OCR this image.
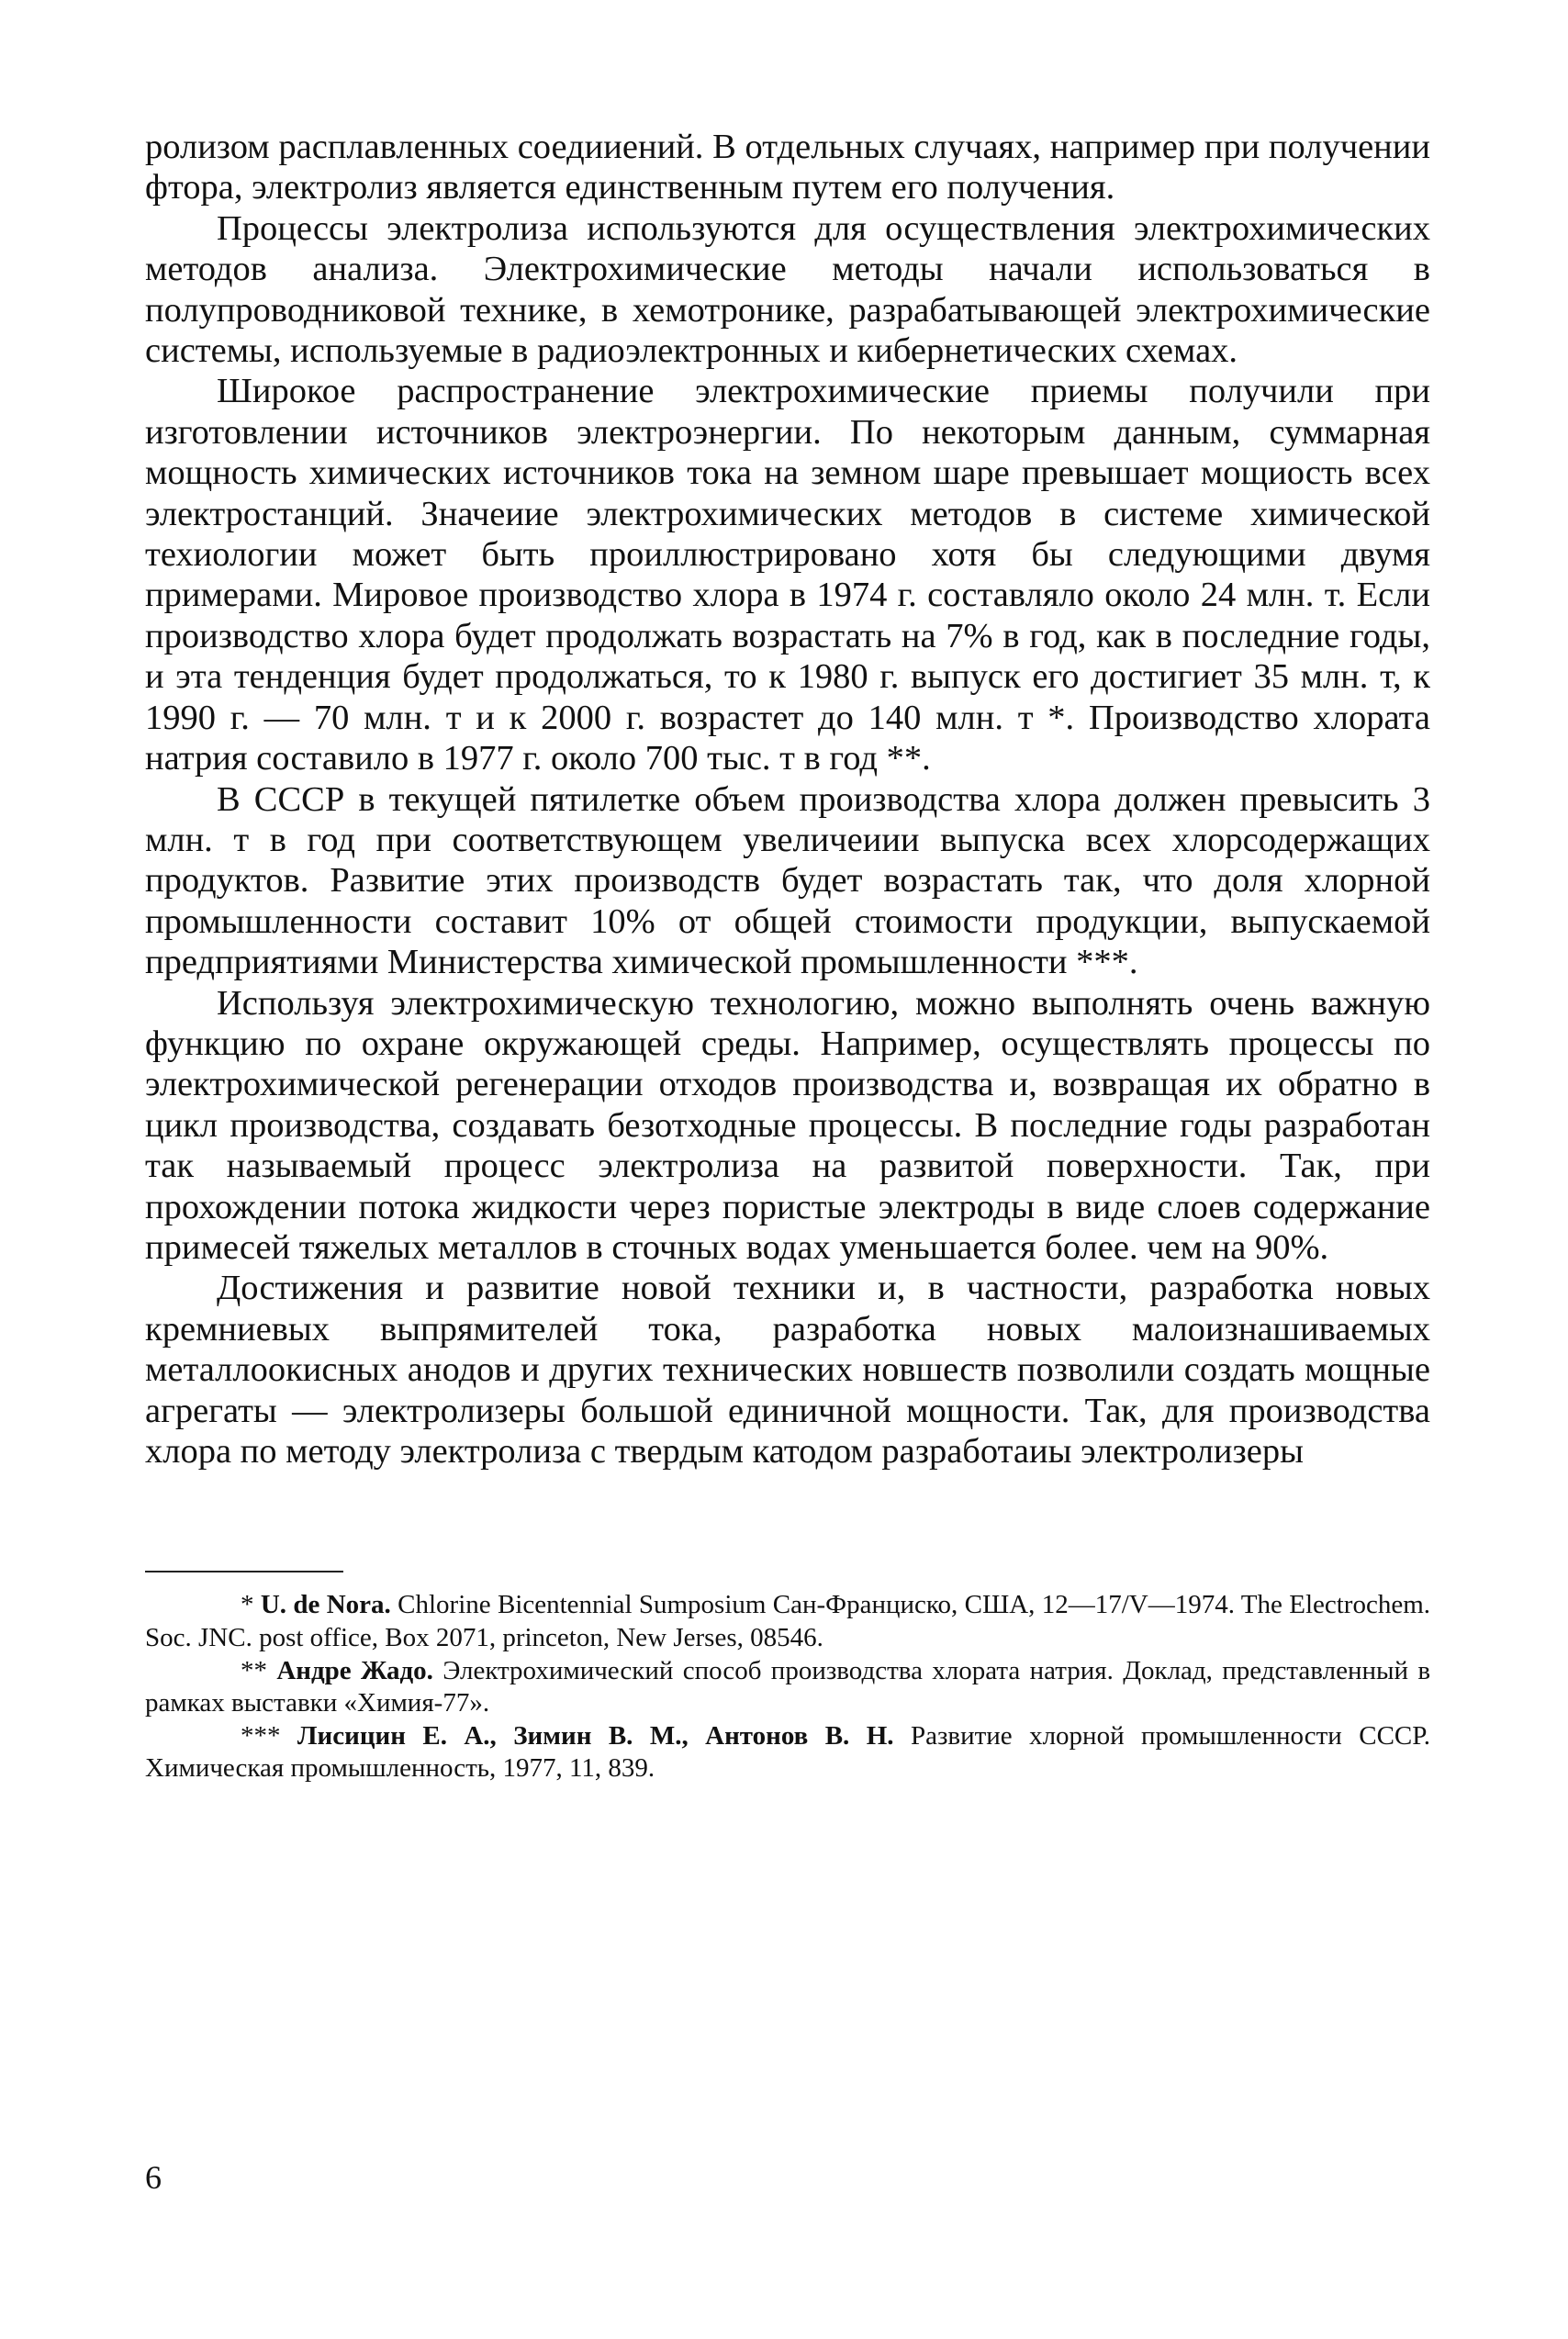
ролизом расплавленных соедииений. В отдельных случаях, например при получении фтора, электролиз является единственным путем его получения.

Процессы электролиза используются для осуществления электрохимических методов анализа. Электрохимические методы начали использоваться в полупроводниковой технике, в хемотронике, разрабатывающей электрохимические системы, используемые в радиоэлектронных и кибернетических схемах.

Широкое распространение электрохимические приемы получили при изготовлении источников электроэнергии. По некоторым данным, суммарная мощность химических источников тока на земном шаре превышает мощиость всех электростанций. Значеиие электрохимических методов в системе химической техиологии может быть проиллюстрировано хотя бы следующими двумя примерами. Мировое производство хлора в 1974 г. составляло около 24 млн. т. Если производство хлора будет продолжать возрастать на 7% в год, как в последние годы, и эта тенденция будет продолжаться, то к 1980 г. выпуск его достигиет 35 млн. т, к 1990 г. — 70 млн. т и к 2000 г. возрастет до 140 млн. т *. Производство хлората натрия составило в 1977 г. около 700 тыс. т в год **.

В СССР в текущей пятилетке объем производства хлора должен превысить 3 млн. т в год при соответствующем увеличеиии выпуска всех хлорсодержащих продуктов. Развитие этих производств будет возрастать так, что доля хлорной промышленности составит 10% от общей стоимости продукции, выпускаемой предприятиями Министерства химической промышленности ***.

Используя электрохимическую технологию, можно выполнять очень важную функцию по охране окружающей среды. Например, осуществлять процессы по электрохимической регенерации отходов производства и, возвращая их обратно в цикл производства, создавать безотходные процессы. В последние годы разработан так называемый процесс электролиза на развитой поверхности. Так, при прохождении потока жидкости через пористые электроды в виде слоев содержание примесей тяжелых металлов в сточных водах уменьшается более. чем на 90%.

Достижения и развитие новой техники и, в частности, разработка новых кремниевых выпрямителей тока, разработка новых малоизнашиваемых металлоокисных анодов и других технических новшеств позволили создать мощные агрегаты — электролизеры большой единичной мощности. Так, для производства хлора по методу электролиза с твердым катодом разработаиы электролизеры

* U. de Nora. Chlorine Bicentennial Sumposium Сан-Франциско, США, 12—17/V—1974. The Electrochem. Soc. JNC. post office, Box 2071, princeton, New Jerses, 08546.

** Андре Жадо. Электрохимический способ производства хлората натрия. Доклад, представленный в рамках выставки «Химия-77».

*** Лисицин Е. А., Зимин В. М., Антонов В. Н. Развитие хлорной промышленности СССР. Химическая промышленность, 1977, 11, 839.

6
